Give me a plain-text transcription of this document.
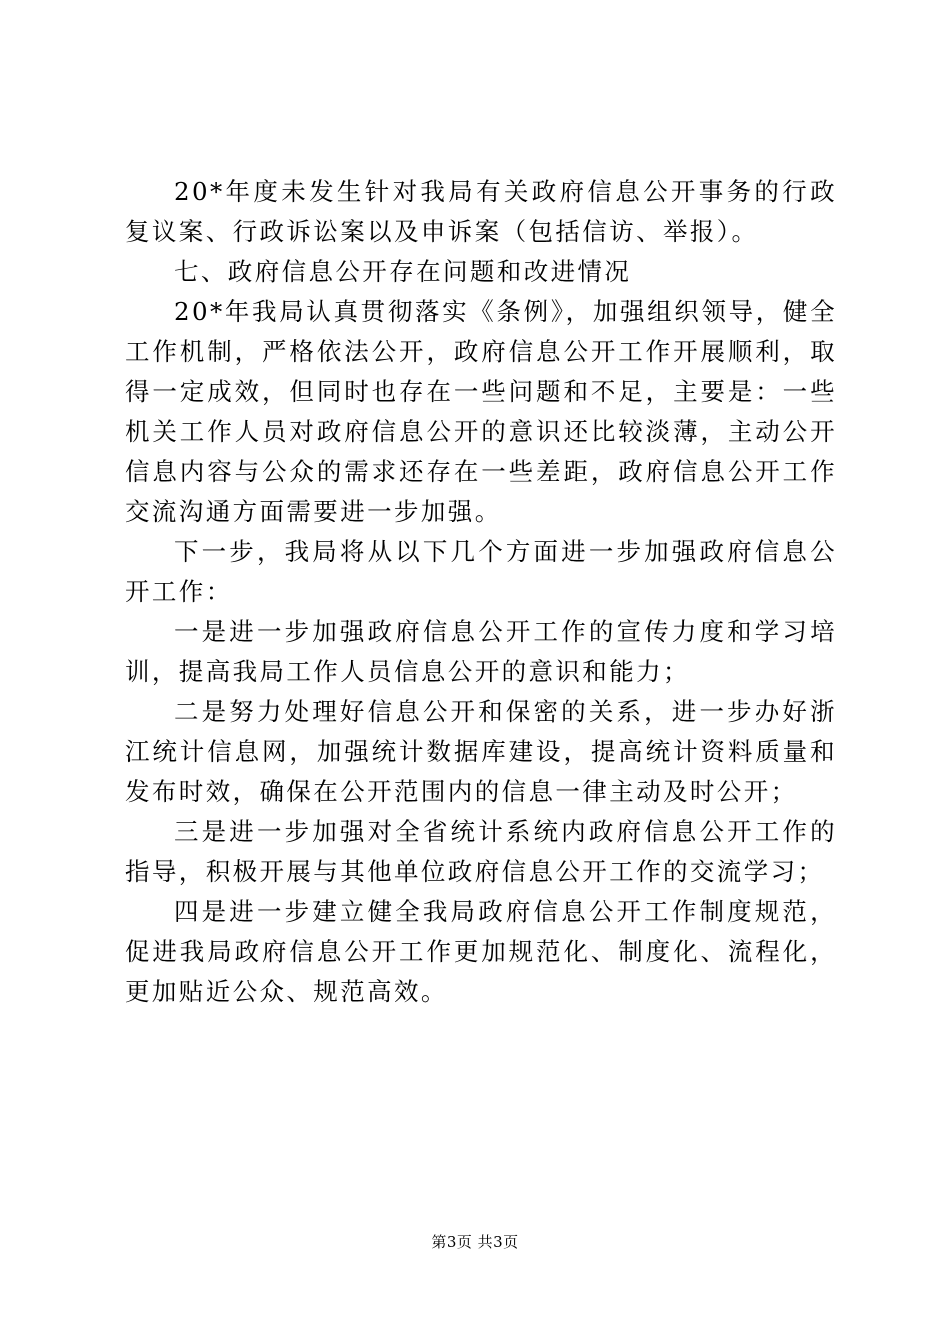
20*年度未发生针对我局有关政府信息公开事务的行政复议案、行政诉讼案以及申诉案（包括信访、举报）。

七、政府信息公开存在问题和改进情况

20*年我局认真贯彻落实《条例》，加强组织领导，健全工作机制，严格依法公开，政府信息公开工作开展顺利，取得一定成效，但同时也存在一些问题和不足，主要是：一些机关工作人员对政府信息公开的意识还比较淡薄，主动公开信息内容与公众的需求还存在一些差距，政府信息公开工作交流沟通方面需要进一步加强。

下一步，我局将从以下几个方面进一步加强政府信息公开工作：

一是进一步加强政府信息公开工作的宣传力度和学习培训，提高我局工作人员信息公开的意识和能力；

二是努力处理好信息公开和保密的关系，进一步办好浙江统计信息网，加强统计数据库建设，提高统计资料质量和发布时效，确保在公开范围内的信息一律主动及时公开；

三是进一步加强对全省统计系统内政府信息公开工作的指导，积极开展与其他单位政府信息公开工作的交流学习；

四是进一步建立健全我局政府信息公开工作制度规范，促进我局政府信息公开工作更加规范化、制度化、流程化，更加贴近公众、规范高效。

第3页 共3页
